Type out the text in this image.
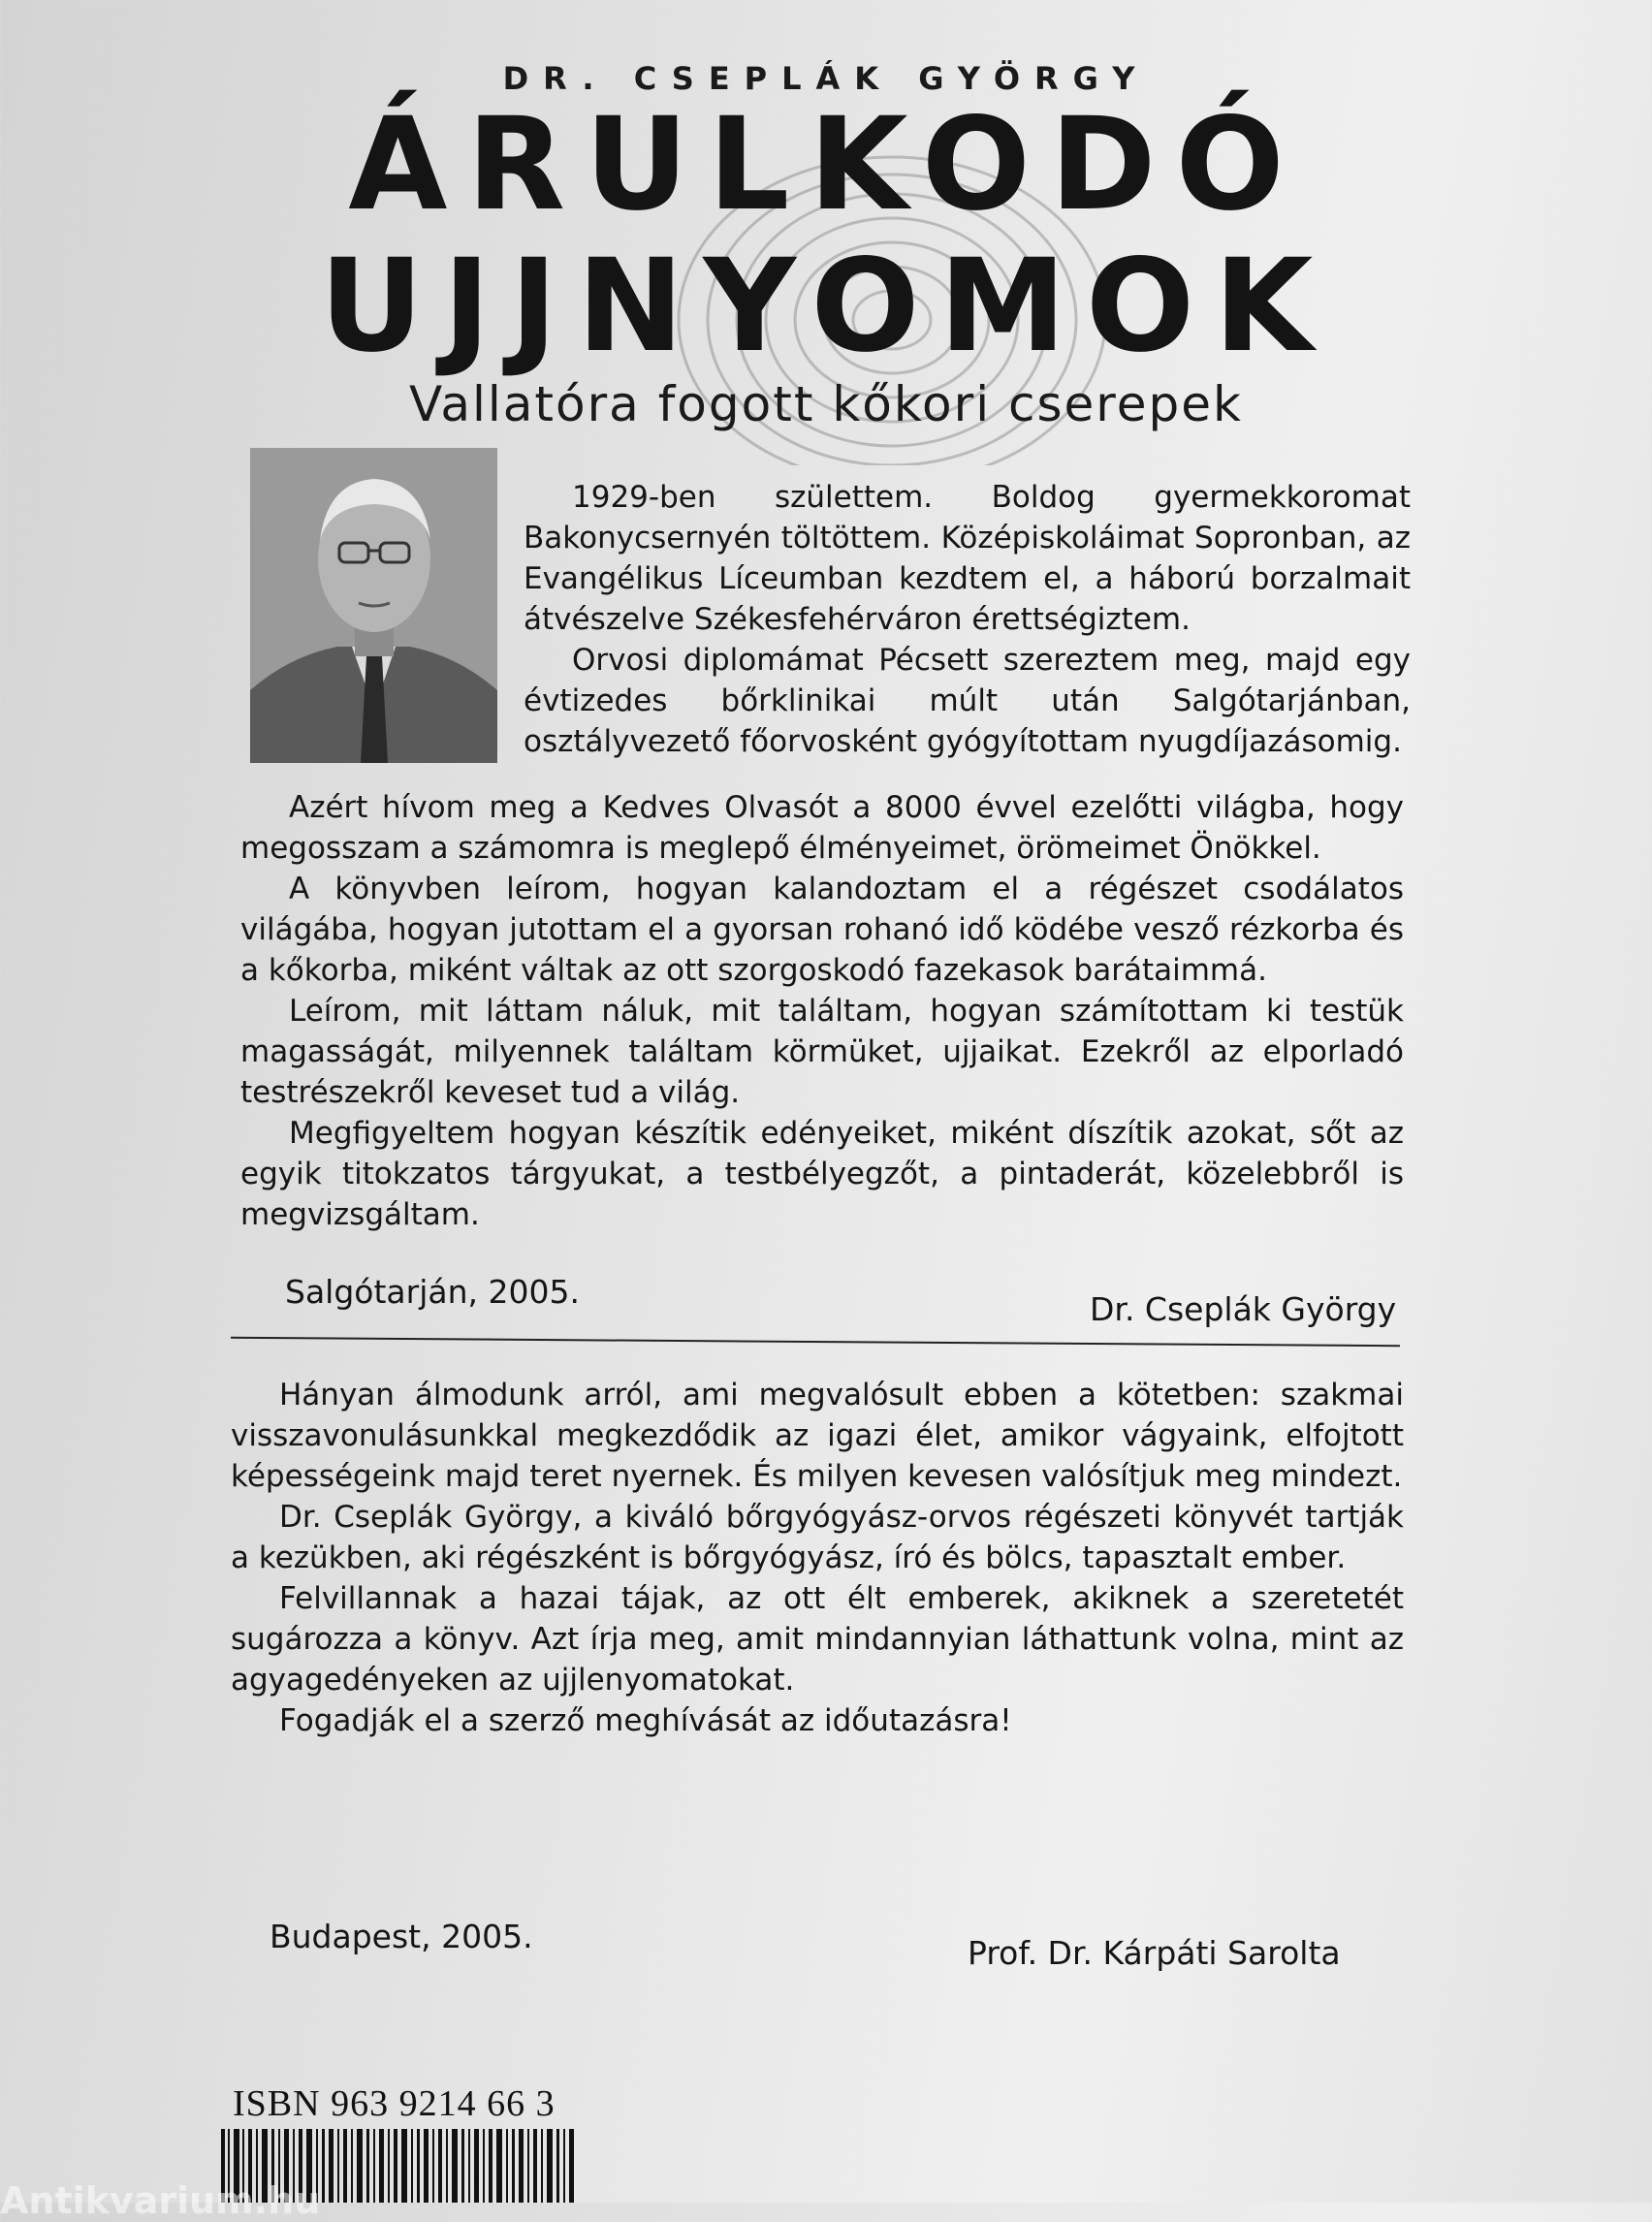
DR. CSEPLÁK GYÖRGY
ÁRULKODÓ
UJJNYOMOK
Vallatóra fogott kőkori cserepek

1929-ben születtem. Boldog gyermekkoromat Bakonycsernyén töltöttem. Középiskoláimat Sopronban, az Evangélikus Líceumban kezdtem el, a háború borzalmait átvészelve Székesfehérváron érettségiztem.

Orvosi diplomámat Pécsett szereztem meg, majd egy évtizedes bőrklinikai múlt után Salgótarjánban, osztályvezető főorvosként gyógyítottam nyugdíjazásomig.

Azért hívom meg a Kedves Olvasót a 8000 évvel ezelőtti világba, hogy megosszam a számomra is meglepő élményeimet, örömeimet Önökkel.

A könyvben leírom, hogyan kalandoztam el a régészet csodálatos világába, hogyan jutottam el a gyorsan rohanó idő ködébe vesző rézkorba és a kőkorba, miként váltak az ott szorgoskodó fazekasok barátaimmá.

Leírom, mit láttam náluk, mit találtam, hogyan számítottam ki testük magasságát, milyennek találtam körmüket, ujjaikat. Ezekről az elporladó testrészekről keveset tud a világ.

Megfigyeltem hogyan készítik edényeiket, miként díszítik azokat, sőt az egyik titokzatos tárgyukat, a testbélyegzőt, a pintaderát, közelebbről is megvizsgáltam.

Salgótarján, 2005.	Dr. Cseplák György

Hányan álmodunk arról, ami megvalósult ebben a kötetben: szakmai visszavonulásunkkal megkezdődik az igazi élet, amikor vágyaink, elfojtott képességeink majd teret nyernek. És milyen kevesen valósítjuk meg mindezt.

Dr. Cseplák György, a kiváló bőrgyógyász-orvos régészeti könyvét tartják a kezükben, aki régészként is bőrgyógyász, író és bölcs, tapasztalt ember.

Felvillannak a hazai tájak, az ott élt emberek, akiknek a szeretetét sugározza a könyv. Azt írja meg, amit mindannyian láthattunk volna, mint az agyagedényeken az ujjlenyomatokat.

Fogadják el a szerző meghívását az időutazásra!

Budapest, 2005.	Prof. Dr. Kárpáti Sarolta
ISBN 963 9214 66 3
Antikvarium.hu
